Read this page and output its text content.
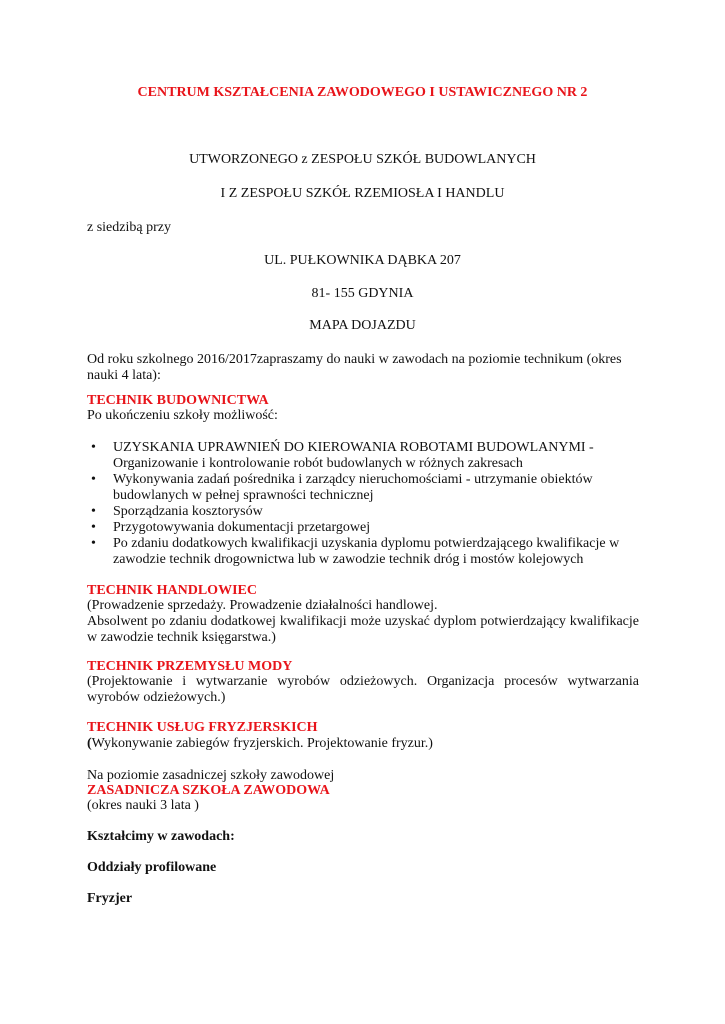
CENTRUM KSZTAŁCENIA ZAWODOWEGO I USTAWICZNEGO NR 2
UTWORZONEGO z ZESPOŁU SZKÓŁ BUDOWLANYCH
I Z ZESPOŁU SZKÓŁ RZEMIOSŁA I HANDLU
z siedzibą przy
UL. PUŁKOWNIKA DĄBKA 207
81- 155 GDYNIA
MAPA DOJAZDU
Od roku szkolnego 2016/2017zapraszamy do nauki w zawodach na poziomie technikum (okres nauki 4 lata):
TECHNIK BUDOWNICTWA
Po ukończeniu szkoły możliwość:
• UZYSKANIA UPRAWNIEŃ DO KIEROWANIA ROBOTAMI BUDOWLANYMI - Organizowanie i kontrolowanie robót budowlanych w różnych zakresach
• Wykonywania zadań pośrednika i zarządcy nieruchomościami - utrzymanie obiektów budowlanych w pełnej sprawności technicznej
• Sporządzania kosztorysów
• Przygotowywania dokumentacji przetargowej
• Po zdaniu dodatkowych kwalifikacji uzyskania dyplomu potwierdzającego kwalifikacje w zawodzie technik drogownictwa lub w zawodzie technik dróg i mostów kolejowych
TECHNIK HANDLOWIEC
(Prowadzenie sprzedaży. Prowadzenie działalności handlowej.
Absolwent po zdaniu dodatkowej kwalifikacji może uzyskać dyplom potwierdzający kwalifikacje w zawodzie technik księgarstwa.)
TECHNIK PRZEMYSŁU MODY
(Projektowanie i wytwarzanie wyrobów odzieżowych. Organizacja procesów wytwarzania wyrobów odzieżowych.)
TECHNIK USŁUG FRYZJERSKICH
(Wykonywanie zabiegów fryzjerskich. Projektowanie fryzur.)
Na poziomie zasadniczej szkoły zawodowej
ZASADNICZA SZKOŁA ZAWODOWA
(okres nauki 3 lata )
Kształcimy w zawodach:
Oddziały profilowane
Fryzjer
